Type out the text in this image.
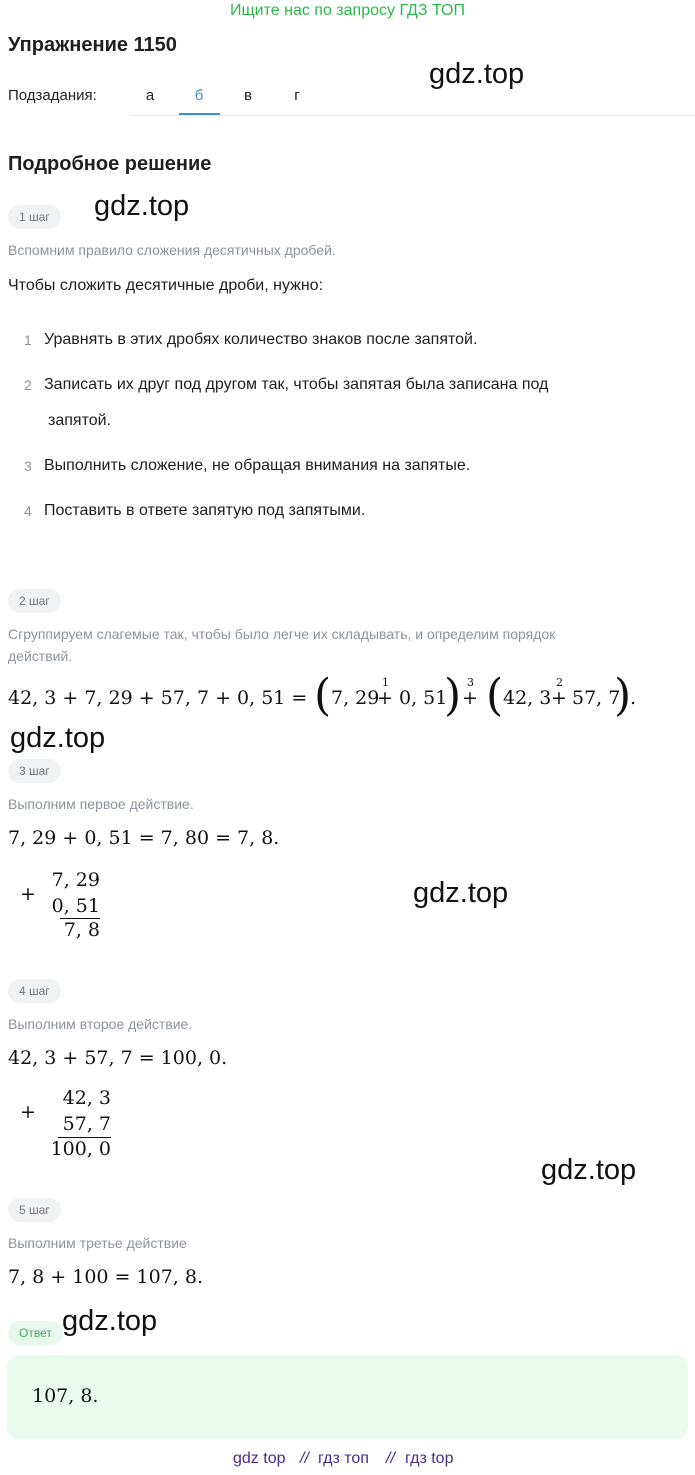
Ищите нас по запросу ГДЗ ТОП
Упражнение 1150
Подзадания:	а	б	в	г
gdz.top
Подробное решение
1 шаг	gdz.top
Вспомним правило сложения десятичных дробей.
Чтобы сложить десятичные дроби, нужно:
1 Уравнять в этих дробях количество знаков после запятой.
2 Записать их друг под другом так, чтобы запятая была записана под
запятой.
3 Выполнить сложение, не обращая внимания на запятые.
4 Поставить в ответе запятую под запятыми.
2 шаг
Сгруппируем слагемые так, чтобы было легче их складывать, и определим порядок
действий.
42, 3 + 7, 29 + 57, 7 + 0, 51 = ( 7, 29
1
+ 0, 51
) 3
+ ( 42, 3
2
+ 57, 7
)
.
gdz.top
3 шаг
Выполним первое действие.
7, 29 + 0, 51 = 7, 80 = 7, 8.
+
7, 29
0, 51
7, 8
gdz.top
4 шаг
Выполним второе действие.
42, 3 + 57, 7 = 100, 0.
+
42, 3
57, 7
100, 0
gdz.top
5 шаг
Выполним третье действие
7, 8 + 100 = 107, 8.
Ответ gdz.top
107, 8.
gdz top // гдз топ // гдз top
